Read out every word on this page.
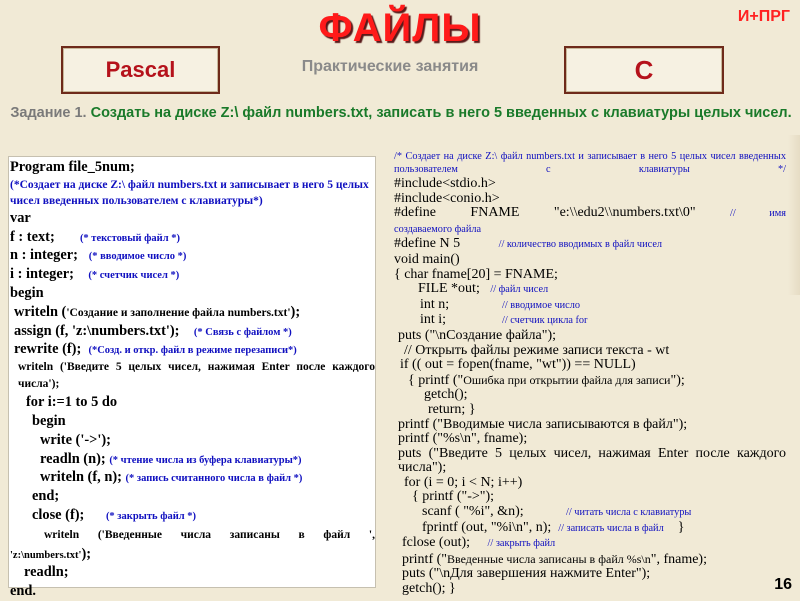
ФАЙЛЫ	И+ПРГ
Pascal	Практические занятия	C
Задание 1. Создать на диске Z:\ файл numbers.txt, записать в него 5 введенных с клавиатуры целых чисел.
Program file_5num;
(*Создает на диске Z:\ файл numbers.txt и записывает в него 5 целых чисел введенных пользователем с клавиатуры*)
var
f : text; (* текстовый файл *)
n : integer; (* вводимое число *)
i : integer; (* счетчик чисел *)
begin
writeln ('Создание и заполнение файла numbers.txt');
assign (f, 'z:\numbers.txt'); (* Связь с файлом *)
rewrite (f); (*Созд. и откр. файл в режиме перезаписи*)
writeln ('Введите 5 целых чисел, нажимая Enter после каждого числа');
for i:=1 to 5 do
begin
write ('->');
readln (n); (* чтение числа из буфера клавиатуры*)
writeln (f, n); (* запись считанного числа в файл *)
end;
close (f); (* закрыть файл *)
writeln ('Введенные числа записаны в файл ',
'z:\numbers.txt');
readln;
end.
/* Создает на диске Z:\ файл numbers.txt и записывает в него 5 целых чисел введенных пользователем с клавиатуры */
#include<stdio.h>
#include<conio.h>
#define FNAME "e:\\edu2\\numbers.txt\0"	// имя
создаваемого файла
#define N 5	// количество вводимых в файл чисел
void main()
{ char fname[20] = FNAME;
FILE *out; // файл чисел
int n;	// вводимое число
int i;	// счетчик цикла for
puts ("\nСоздание файла");
// Открыть файлы режиме записи текста - wt
if (( out = fopen(fname, "wt")) == NULL)
{ printf ("Ошибка при открытии файла для записи");
getch();
return; }
printf ("Вводимые числа записываются в файл");
printf ("%s\n", fname);
puts ("Введите 5 целых чисел, нажимая Enter после каждого числа");
for (i = 0; i < N; i++)
{ printf ("->");
scanf ( "%i", &n);	// читать числа с клавиатуры
fprintf (out, "%i\n", n); // записать числа в файл }
fclose (out); // закрыть файл
printf ("Введенные числа записаны в файл %s\n", fname);
puts ("\nДля завершения нажмите Enter");
getch(); }	16
